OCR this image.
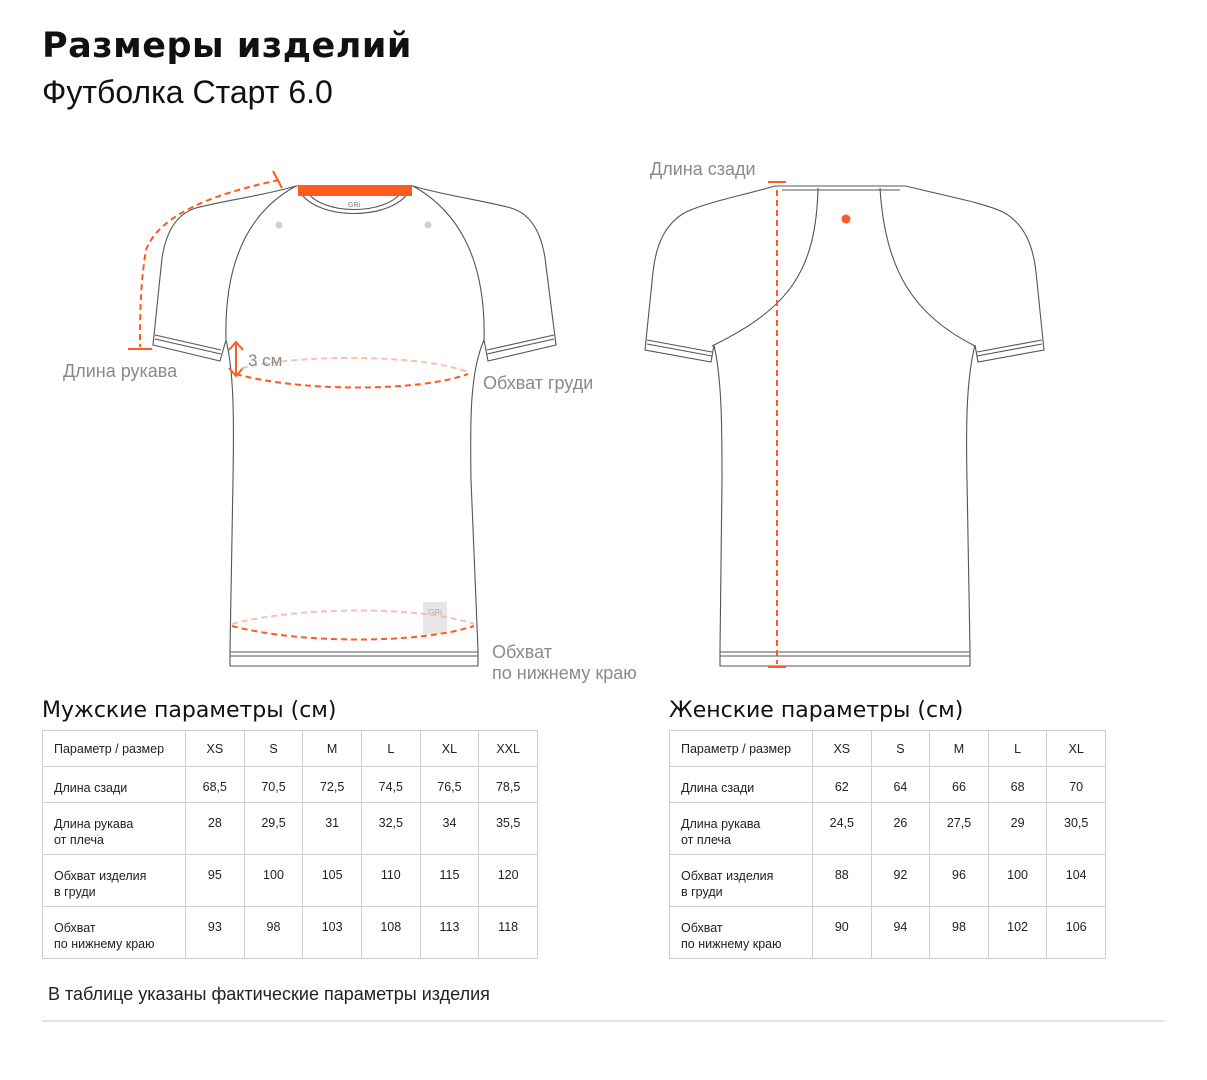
Размеры изделий
Футболка Старт 6.0
GRi
GRi
Длина рукава
3 см
Обхват груди
Обхват
по нижнему краю
Длина сзади
Мужские параметры (см)
Параметр / размер	XS	S	M	L	XL	XXL

Длина сзади	68,5	70,5	72,5	74,5	76,5	78,5

Длина рукава
от плеча	28	29,5	31	32,5	34	35,5

Обхват изделия
в груди	95	100	105	110	115	120

Обхват
по нижнему краю	93	98	103	108	113	118
Женские параметры (см)
Параметр / размер	XS	S	M	L	XL

Длина сзади	62	64	66	68	70

Длина рукава
от плеча	24,5	26	27,5	29	30,5

Обхват изделия
в груди	88	92	96	100	104

Обхват
по нижнему краю	90	94	98	102	106
В таблице указаны фактические параметры изделия
